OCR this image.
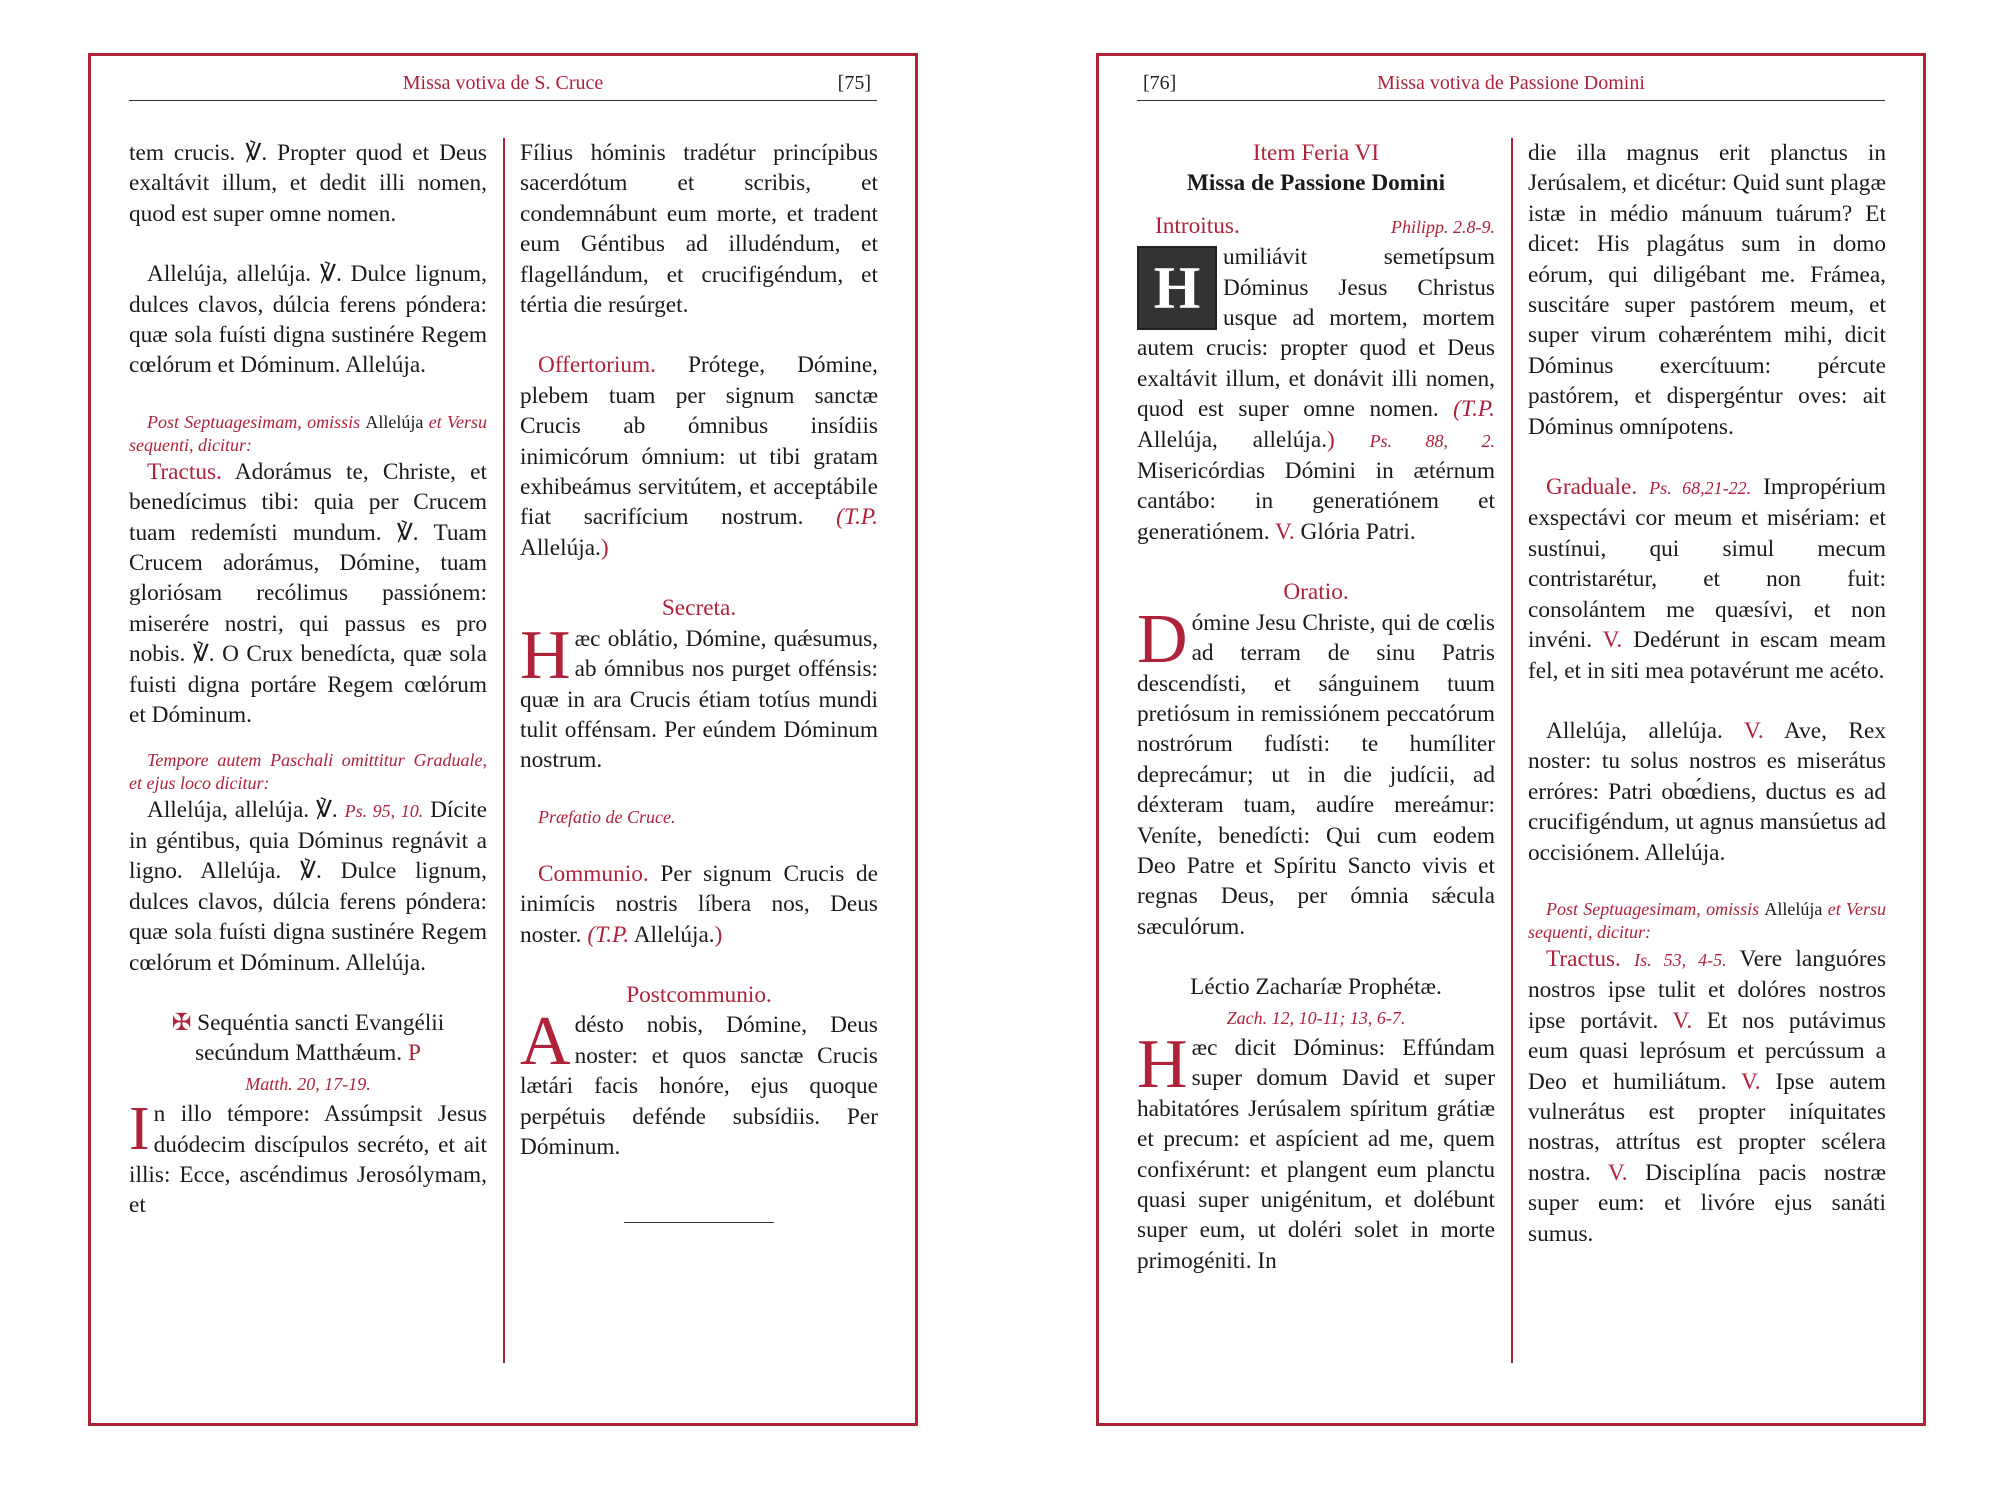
Missa votiva de S. Cruce	[75]

tem crucis. ℣. Propter quod et Deus exaltávit illum, et dedit illi nomen, quod est super omne nomen.

Allelúja, allelúja. ℣. Dulce lignum, dulces clavos, dúlcia ferens póndera: quæ sola fuísti digna sustinére Regem cœlórum et Dóminum. Allelúja.

Post Septuagesimam, omissis Allelúja et Versu sequenti, dicitur:

Tractus. Adorámus te, Christe, et benedícimus tibi: quia per Crucem tuam redemísti mundum. ℣. Tuam Crucem adorámus, Dómine, tuam gloriósam recólimus passiónem: miserére nostri, qui passus es pro nobis. ℣. O Crux benedícta, quæ sola fuisti digna portáre Regem cœlórum et Dóminum.

Tempore autem Paschali omittitur Graduale, et ejus loco dicitur:

Allelúja, allelúja. ℣. Ps. 95, 10. Dícite in géntibus, quia Dóminus regnávit a ligno. Allelúja. ℣. Dulce lignum, dulces clavos, dúlcia ferens póndera: quæ sola fuísti digna sustinére Regem cœlórum et Dóminum. Allelúja.

✠ Sequéntia sancti Evangélii secúndum Matthǽum. P

Matth. 20, 17-19.

In illo témpore: Assúmpsit Jesus duódecim discípulos secréto, et ait illis: Ecce, ascéndimus Jerosólymam, et

Fílius hóminis tradétur princípibus sacerdótum et scribis, et condemnábunt eum morte, et tradent eum Géntibus ad illudéndum, et flagellándum, et crucifigéndum, et tértia die resúrget.

Offertorium. Prótege, Dómine, plebem tuam per signum sanctæ Crucis ab ómnibus insídiis inimicórum ómnium: ut tibi gratam exhibeámus servitútem, et acceptábile fiat sacrifícium nostrum. (T.P. Allelúja.)

Secreta.

Hæc oblátio, Dómine, quǽsumus, ab ómnibus nos purget offénsis: quæ in ara Crucis étiam totíus mundi tulit offénsam. Per eúndem Dóminum nostrum.

Præfatio de Cruce.

Communio. Per signum Crucis de inimícis nostris líbera nos, Deus noster. (T.P. Allelúja.)

Postcommunio.

Adésto nobis, Dómine, Deus noster: et quos sanctæ Crucis lætári facis honóre, ejus quoque perpétuis defénde subsídiis. Per Dóminum.

[76]	Missa votiva de Passione Domini

Item Feria VI

Missa de Passione Domini

Introitus.	Philipp. 2.8-9.

H umiliávit semetípsum Dóminus Jesus Christus usque ad mortem, mortem autem crucis: propter quod et Deus exaltávit illum, et donávit illi nomen, quod est super omne nomen. (T.P. Allelúja, allelúja.) Ps. 88, 2. Misericórdias Dómini in ætérnum cantábo: in generatiónem et generatiónem. V. Glória Patri.

Oratio.

Dómine Jesu Christe, qui de cœlis ad terram de sinu Patris descendísti, et sánguinem tuum pretiósum in remissiónem peccatórum nostrórum fudísti: te humíliter deprecámur; ut in die judícii, ad déxteram tuam, audíre mereámur: Veníte, benedícti: Qui cum eodem Deo Patre et Spíritu Sancto vivis et regnas Deus, per ómnia sǽcula sæculórum.

Léctio Zacharíæ Prophétæ.

Zach. 12, 10-11; 13, 6-7.

Hæc dicit Dóminus: Effúndam super domum David et super habitatóres Jerúsalem spíritum grátiæ et precum: et aspícient ad me, quem confixérunt: et plangent eum planctu quasi super unigénitum, et dolébunt super eum, ut doléri solet in morte primogéniti. In

die illa magnus erit planctus in Jerúsalem, et dicétur: Quid sunt plagæ istæ in médio mánuum tuárum? Et dicet: His plagátus sum in domo eórum, qui diligébant me. Frámea, suscitáre super pastórem meum, et super virum cohæréntem mihi, dicit Dóminus exercítuum: pércute pastórem, et dispergéntur oves: ait Dóminus omnípotens.

Graduale. Ps. 68,21-22. Impropérium exspectávi cor meum et misériam: et sustínui, qui simul mecum contristarétur, et non fuit: consolántem me quæsívi, et non invéni. V. Dedérunt in escam meam fel, et in siti mea potavérunt me acéto.

Allelúja, allelúja. V. Ave, Rex noster: tu solus nostros es miserátus erróres: Patri obœ́diens, ductus es ad crucifigéndum, ut agnus mansúetus ad occisiónem. Allelúja.

Post Septuagesimam, omissis Allelúja et Versu sequenti, dicitur:

Tractus. Is. 53, 4-5. Vere languóres nostros ipse tulit et dolóres nostros ipse portávit. V. Et nos putávimus eum quasi leprósum et percússum a Deo et humiliátum. V. Ipse autem vulnerátus est propter iníquitates nostras, attrítus est propter scélera nostra. V. Disciplína pacis nostræ super eum: et livóre ejus sanáti sumus.
